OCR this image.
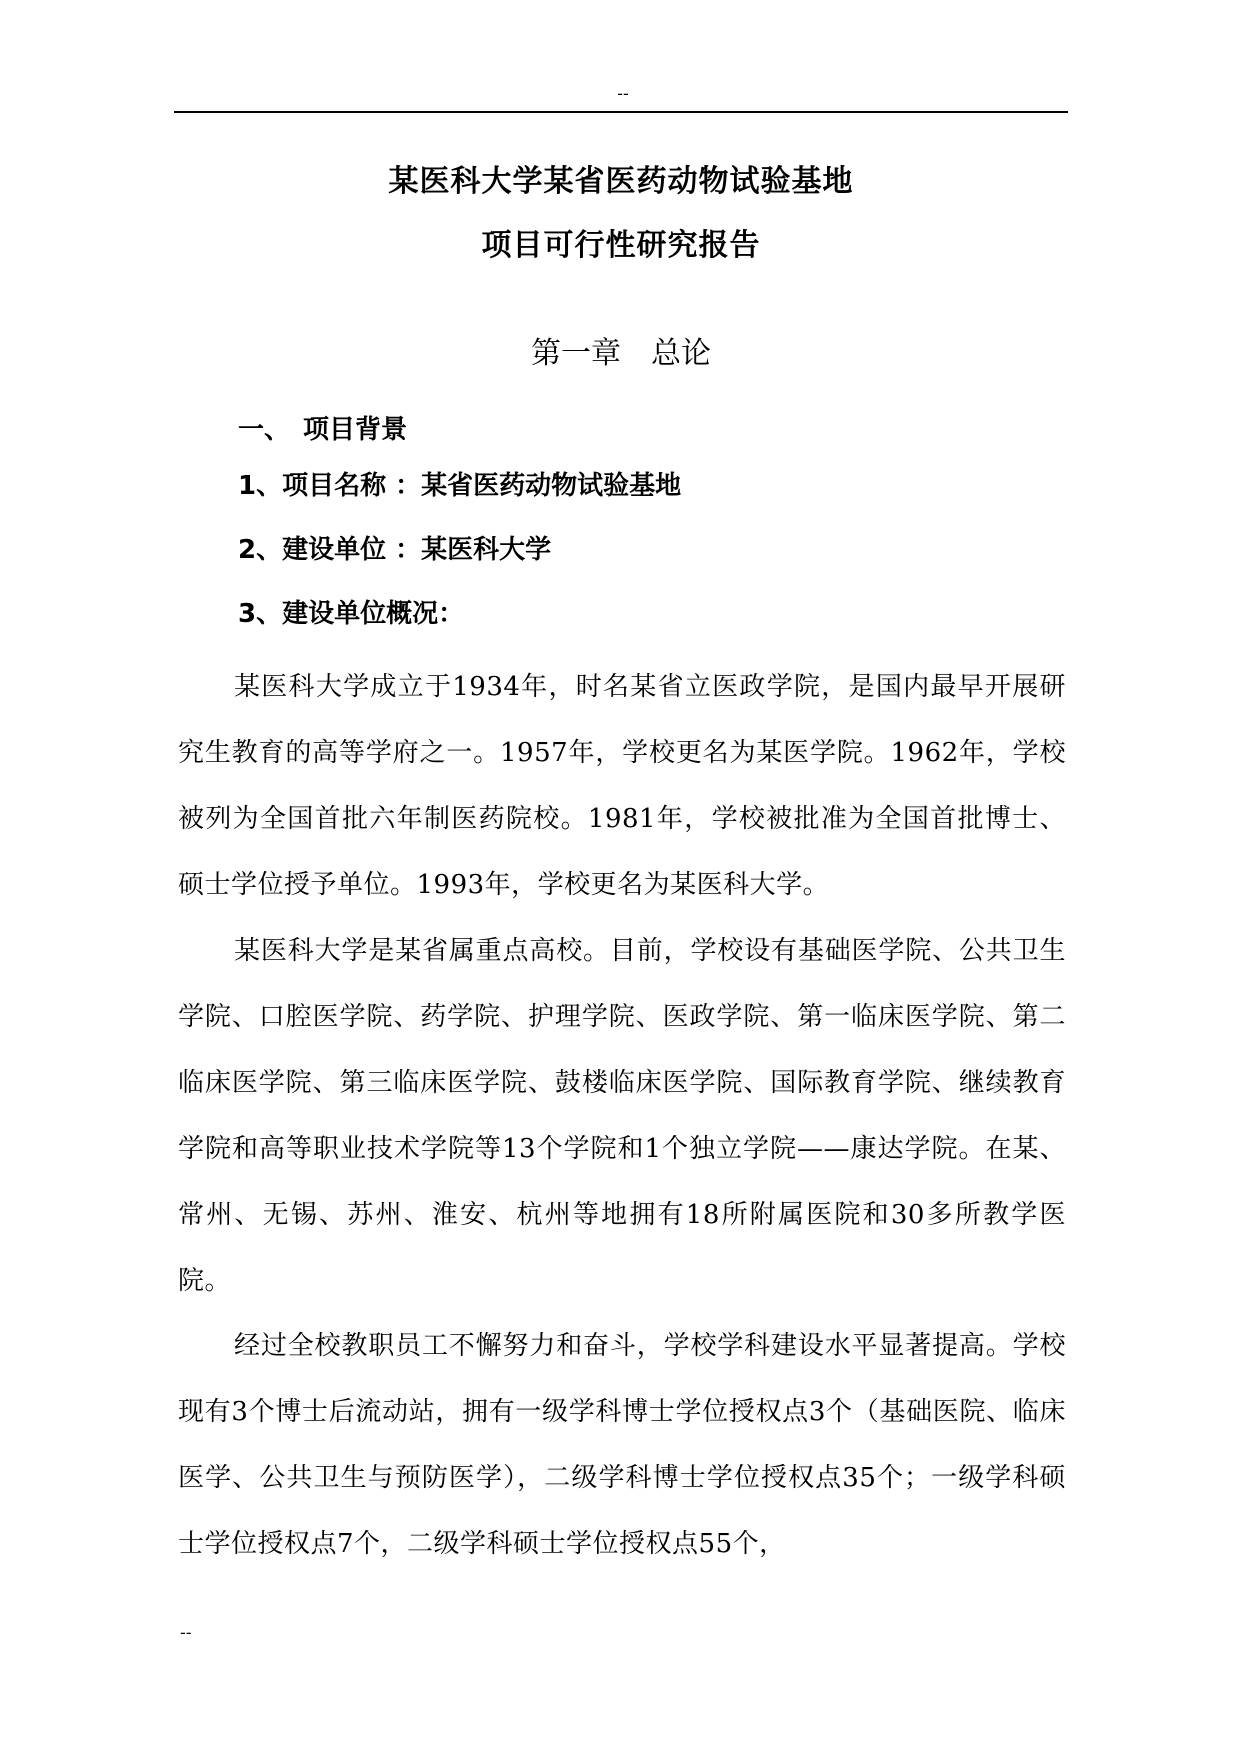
--
某医科大学某省医药动物试验基地
项目可行性研究报告
第一章　总论
一、　项目背景
1、项目名称 ：某省医药动物试验基地
2、建设单位 ：某医科大学
3、建设单位概况：

某医科大学成立于1934年，时名某省立医政学院，是国内最早开展研究生教育的高等学府之一。1957年，学校更名为某医学院。1962年，学校被列为全国首批六年制医药院校。1981年，学校被批准为全国首批博士、硕士学位授予单位。1993年，学校更名为某医科大学。

某医科大学是某省属重点高校。目前，学校设有基础医学院、公共卫生学院、口腔医学院、药学院、护理学院、医政学院、第一临床医学院、第二临床医学院、第三临床医学院、鼓楼临床医学院、国际教育学院、继续教育学院和高等职业技术学院等13个学院和1个独立学院——康达学院。在某、常州、无锡、苏州、淮安、杭州等地拥有18所附属医院和30多所教学医院。

经过全校教职员工不懈努力和奋斗，学校学科建设水平显著提高。学校现有3个博士后流动站，拥有一级学科博士学位授权点3个（基础医院、临床医学、公共卫生与预防医学），二级学科博士学位授权点35个；一级学科硕士学位授权点7个，二级学科硕士学位授权点55个，

--
